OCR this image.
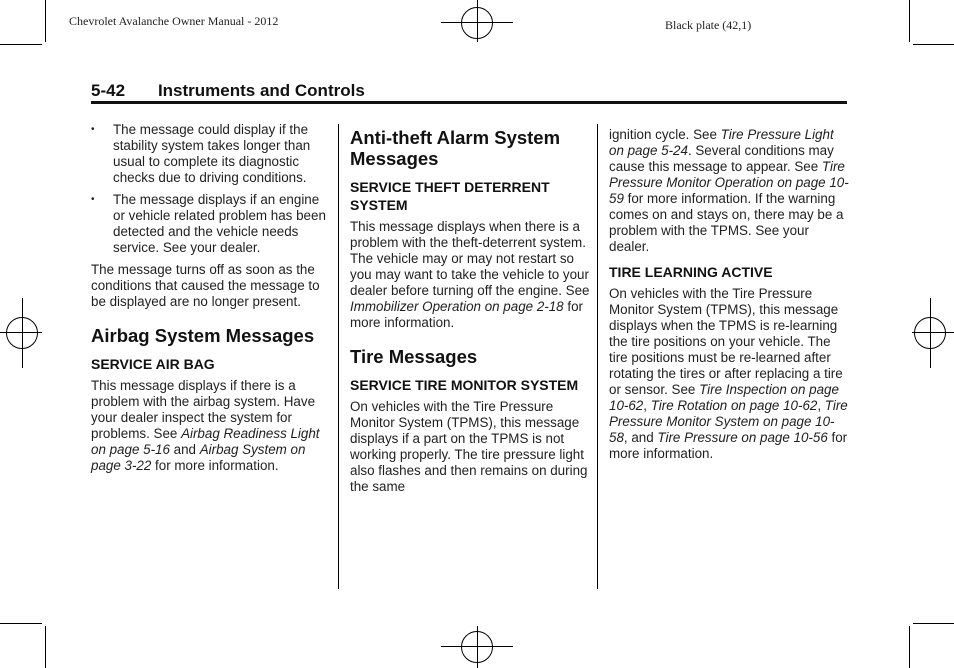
Chevrolet Avalanche Owner Manual - 2012	Black plate (42,1)
5-42 Instruments and Controls
• The message could display if the stability system takes longer than usual to complete its diagnostic checks due to driving conditions.

• The message displays if an engine or vehicle related problem has been detected and the vehicle needs service. See your dealer.

The message turns off as soon as the conditions that caused the message to be displayed are no longer present.

Airbag System Messages
SERVICE AIR BAG

This message displays if there is a problem with the airbag system. Have your dealer inspect the system for problems. See Airbag Readiness Light on page 5-16 and Airbag System on page 3-22 for more information.

Anti-theft Alarm System Messages
SERVICE THEFT DETERRENT SYSTEM

This message displays when there is a problem with the theft-deterrent system. The vehicle may or may not restart so you may want to take the vehicle to your dealer before turning off the engine. See Immobilizer Operation on page 2-18 for more information.

Tire Messages
SERVICE TIRE MONITOR SYSTEM

On vehicles with the Tire Pressure Monitor System (TPMS), this message displays if a part on the TPMS is not working properly. The tire pressure light also flashes and then remains on during the same

ignition cycle. See Tire Pressure Light on page 5-24. Several conditions may cause this message to appear. See Tire Pressure Monitor Operation on page 10-59 for more information. If the warning comes on and stays on, there may be a problem with the TPMS. See your dealer.

TIRE LEARNING ACTIVE

On vehicles with the Tire Pressure Monitor System (TPMS), this message displays when the TPMS is re-learning the tire positions on your vehicle. The tire positions must be re-learned after rotating the tires or after replacing a tire or sensor. See Tire Inspection on page 10-62, Tire Rotation on page 10-62, Tire Pressure Monitor System on page 10-58, and Tire Pressure on page 10-56 for more information.
